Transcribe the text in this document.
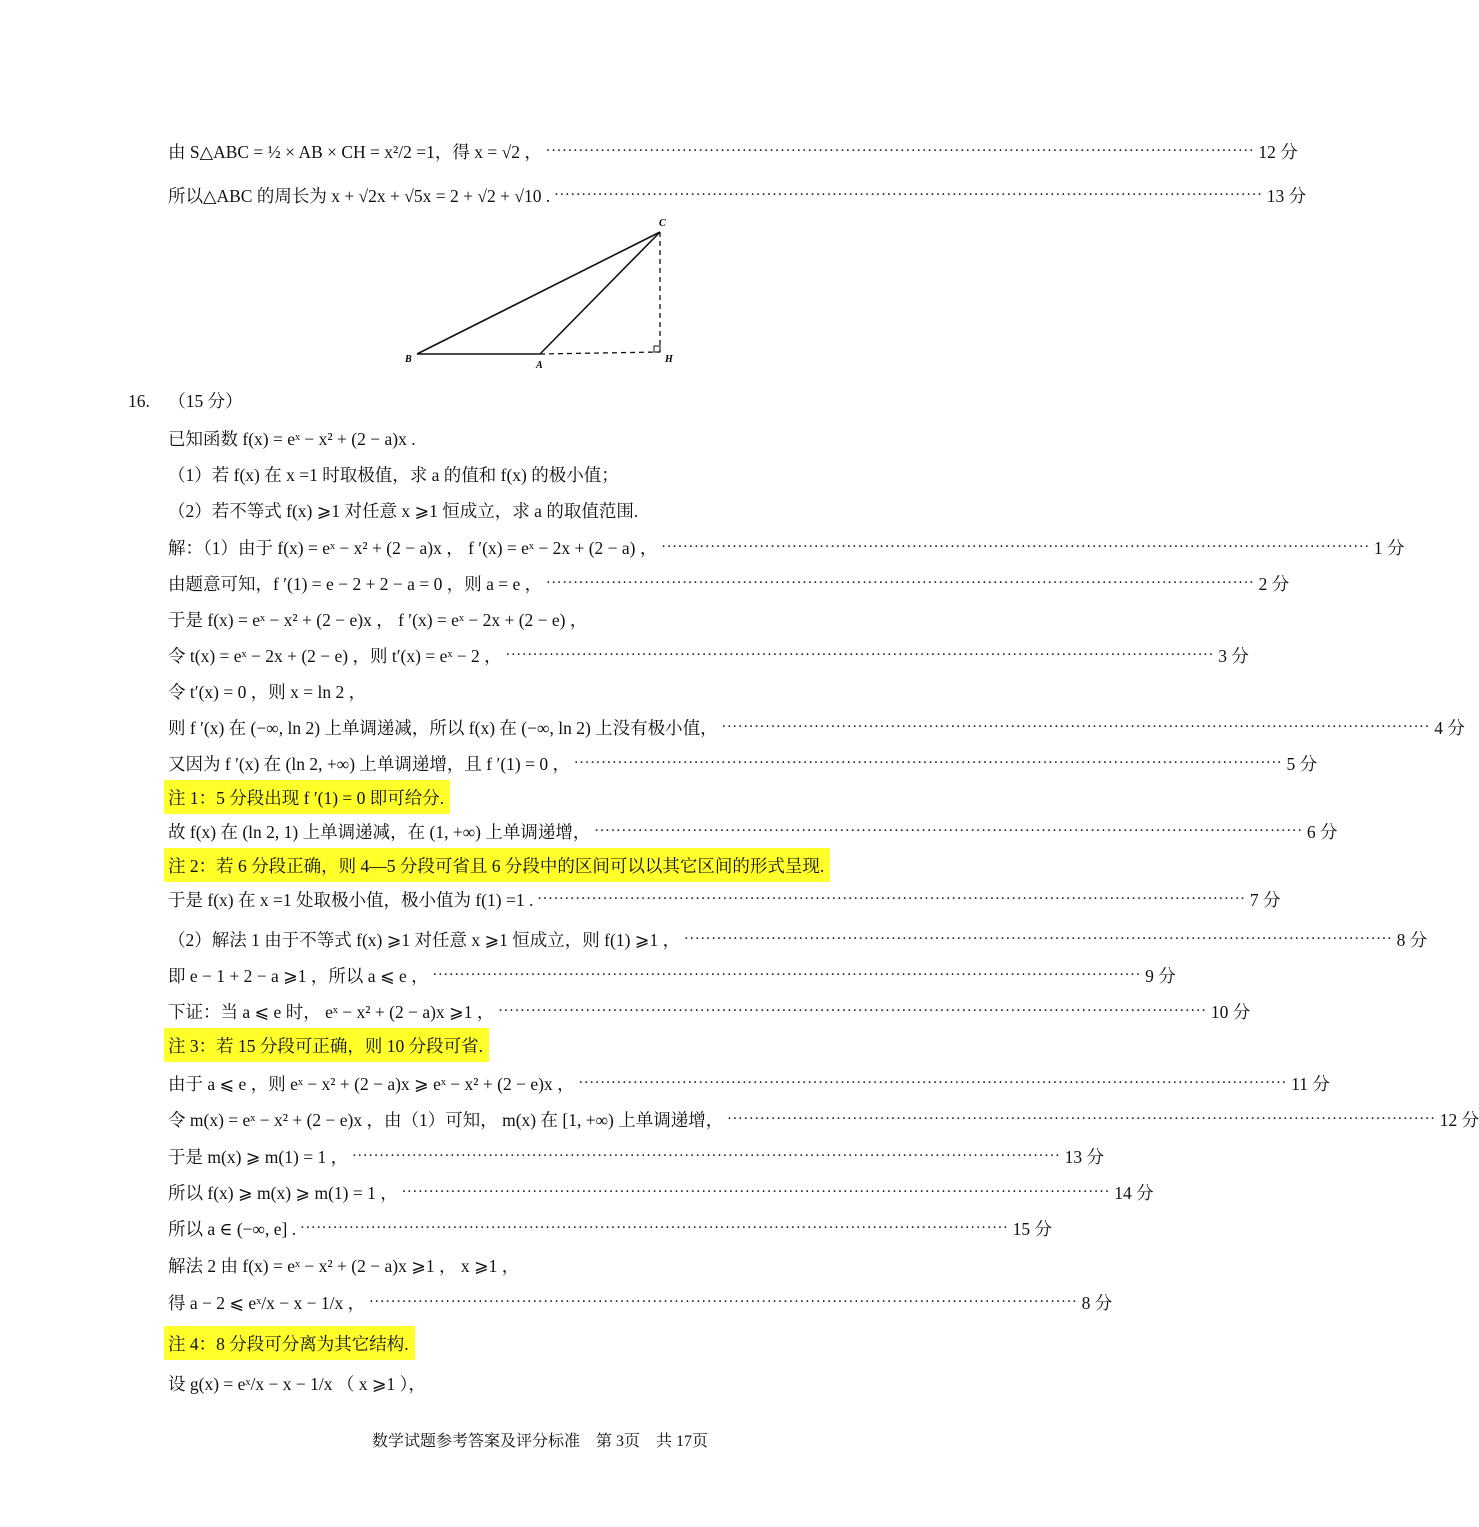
由 S△ABC = ½ × AB × CH = x²/2 =1，得 x = √2 ， ·································································································································· 12 分
所以△ABC 的周长为 x + √2x + √5x = 2 + √2 + √10 . ·································································································································· 13 分
B
A
C
H
16. （15 分）
已知函数 f(x) = eˣ − x² + (2 − a)x .
（1）若 f(x) 在 x =1 时取极值，求 a 的值和 f(x) 的极小值；
（2）若不等式 f(x) ⩾1 对任意 x ⩾1 恒成立，求 a 的取值范围.
解：（1）由于 f(x) = eˣ − x² + (2 − a)x ， f ′(x) = eˣ − 2x + (2 − a) ， ·································································································································· 1 分
由题意可知，f ′(1) = e − 2 + 2 − a = 0 ，则 a = e ， ·································································································································· 2 分
于是 f(x) = eˣ − x² + (2 − e)x ， f ′(x) = eˣ − 2x + (2 − e) ，
令 t(x) = eˣ − 2x + (2 − e) ，则 t′(x) = eˣ − 2 ， ·································································································································· 3 分
令 t′(x) = 0 ，则 x = ln 2 ，
则 f ′(x) 在 (−∞, ln 2) 上单调递减，所以 f(x) 在 (−∞, ln 2) 上没有极小值， ·································································································································· 4 分
又因为 f ′(x) 在 (ln 2, +∞) 上单调递增，且 f ′(1) = 0 ， ·································································································································· 5 分
注 1：5 分段出现 f ′(1) = 0 即可给分.
故 f(x) 在 (ln 2, 1) 上单调递减，在 (1, +∞) 上单调递增， ·································································································································· 6 分
注 2：若 6 分段正确，则 4—5 分段可省且 6 分段中的区间可以以其它区间的形式呈现.
于是 f(x) 在 x =1 处取极小值，极小值为 f(1) =1 . ·································································································································· 7 分
（2）解法 1 由于不等式 f(x) ⩾1 对任意 x ⩾1 恒成立，则 f(1) ⩾1 ， ·································································································································· 8 分
即 e − 1 + 2 − a ⩾1 ，所以 a ⩽ e ， ·································································································································· 9 分
下证：当 a ⩽ e 时， eˣ − x² + (2 − a)x ⩾1 ， ·································································································································· 10 分
注 3：若 15 分段可正确，则 10 分段可省.
由于 a ⩽ e ，则 eˣ − x² + (2 − a)x ⩾ eˣ − x² + (2 − e)x ， ·································································································································· 11 分
令 m(x) = eˣ − x² + (2 − e)x ，由（1）可知， m(x) 在 [1, +∞) 上单调递增， ·································································································································· 12 分
于是 m(x) ⩾ m(1) = 1 ， ·································································································································· 13 分
所以 f(x) ⩾ m(x) ⩾ m(1) = 1 ， ·································································································································· 14 分
所以 a ∈ (−∞, e] . ·································································································································· 15 分
解法 2 由 f(x) = eˣ − x² + (2 − a)x ⩾1 ， x ⩾1 ，
得 a − 2 ⩽ eˣ/x − x − 1/x ， ·································································································································· 8 分
注 4：8 分段可分离为其它结构.
设 g(x) = eˣ/x − x − 1/x （ x ⩾1 ），
数学试题参考答案及评分标准　第 3页　共 17页
